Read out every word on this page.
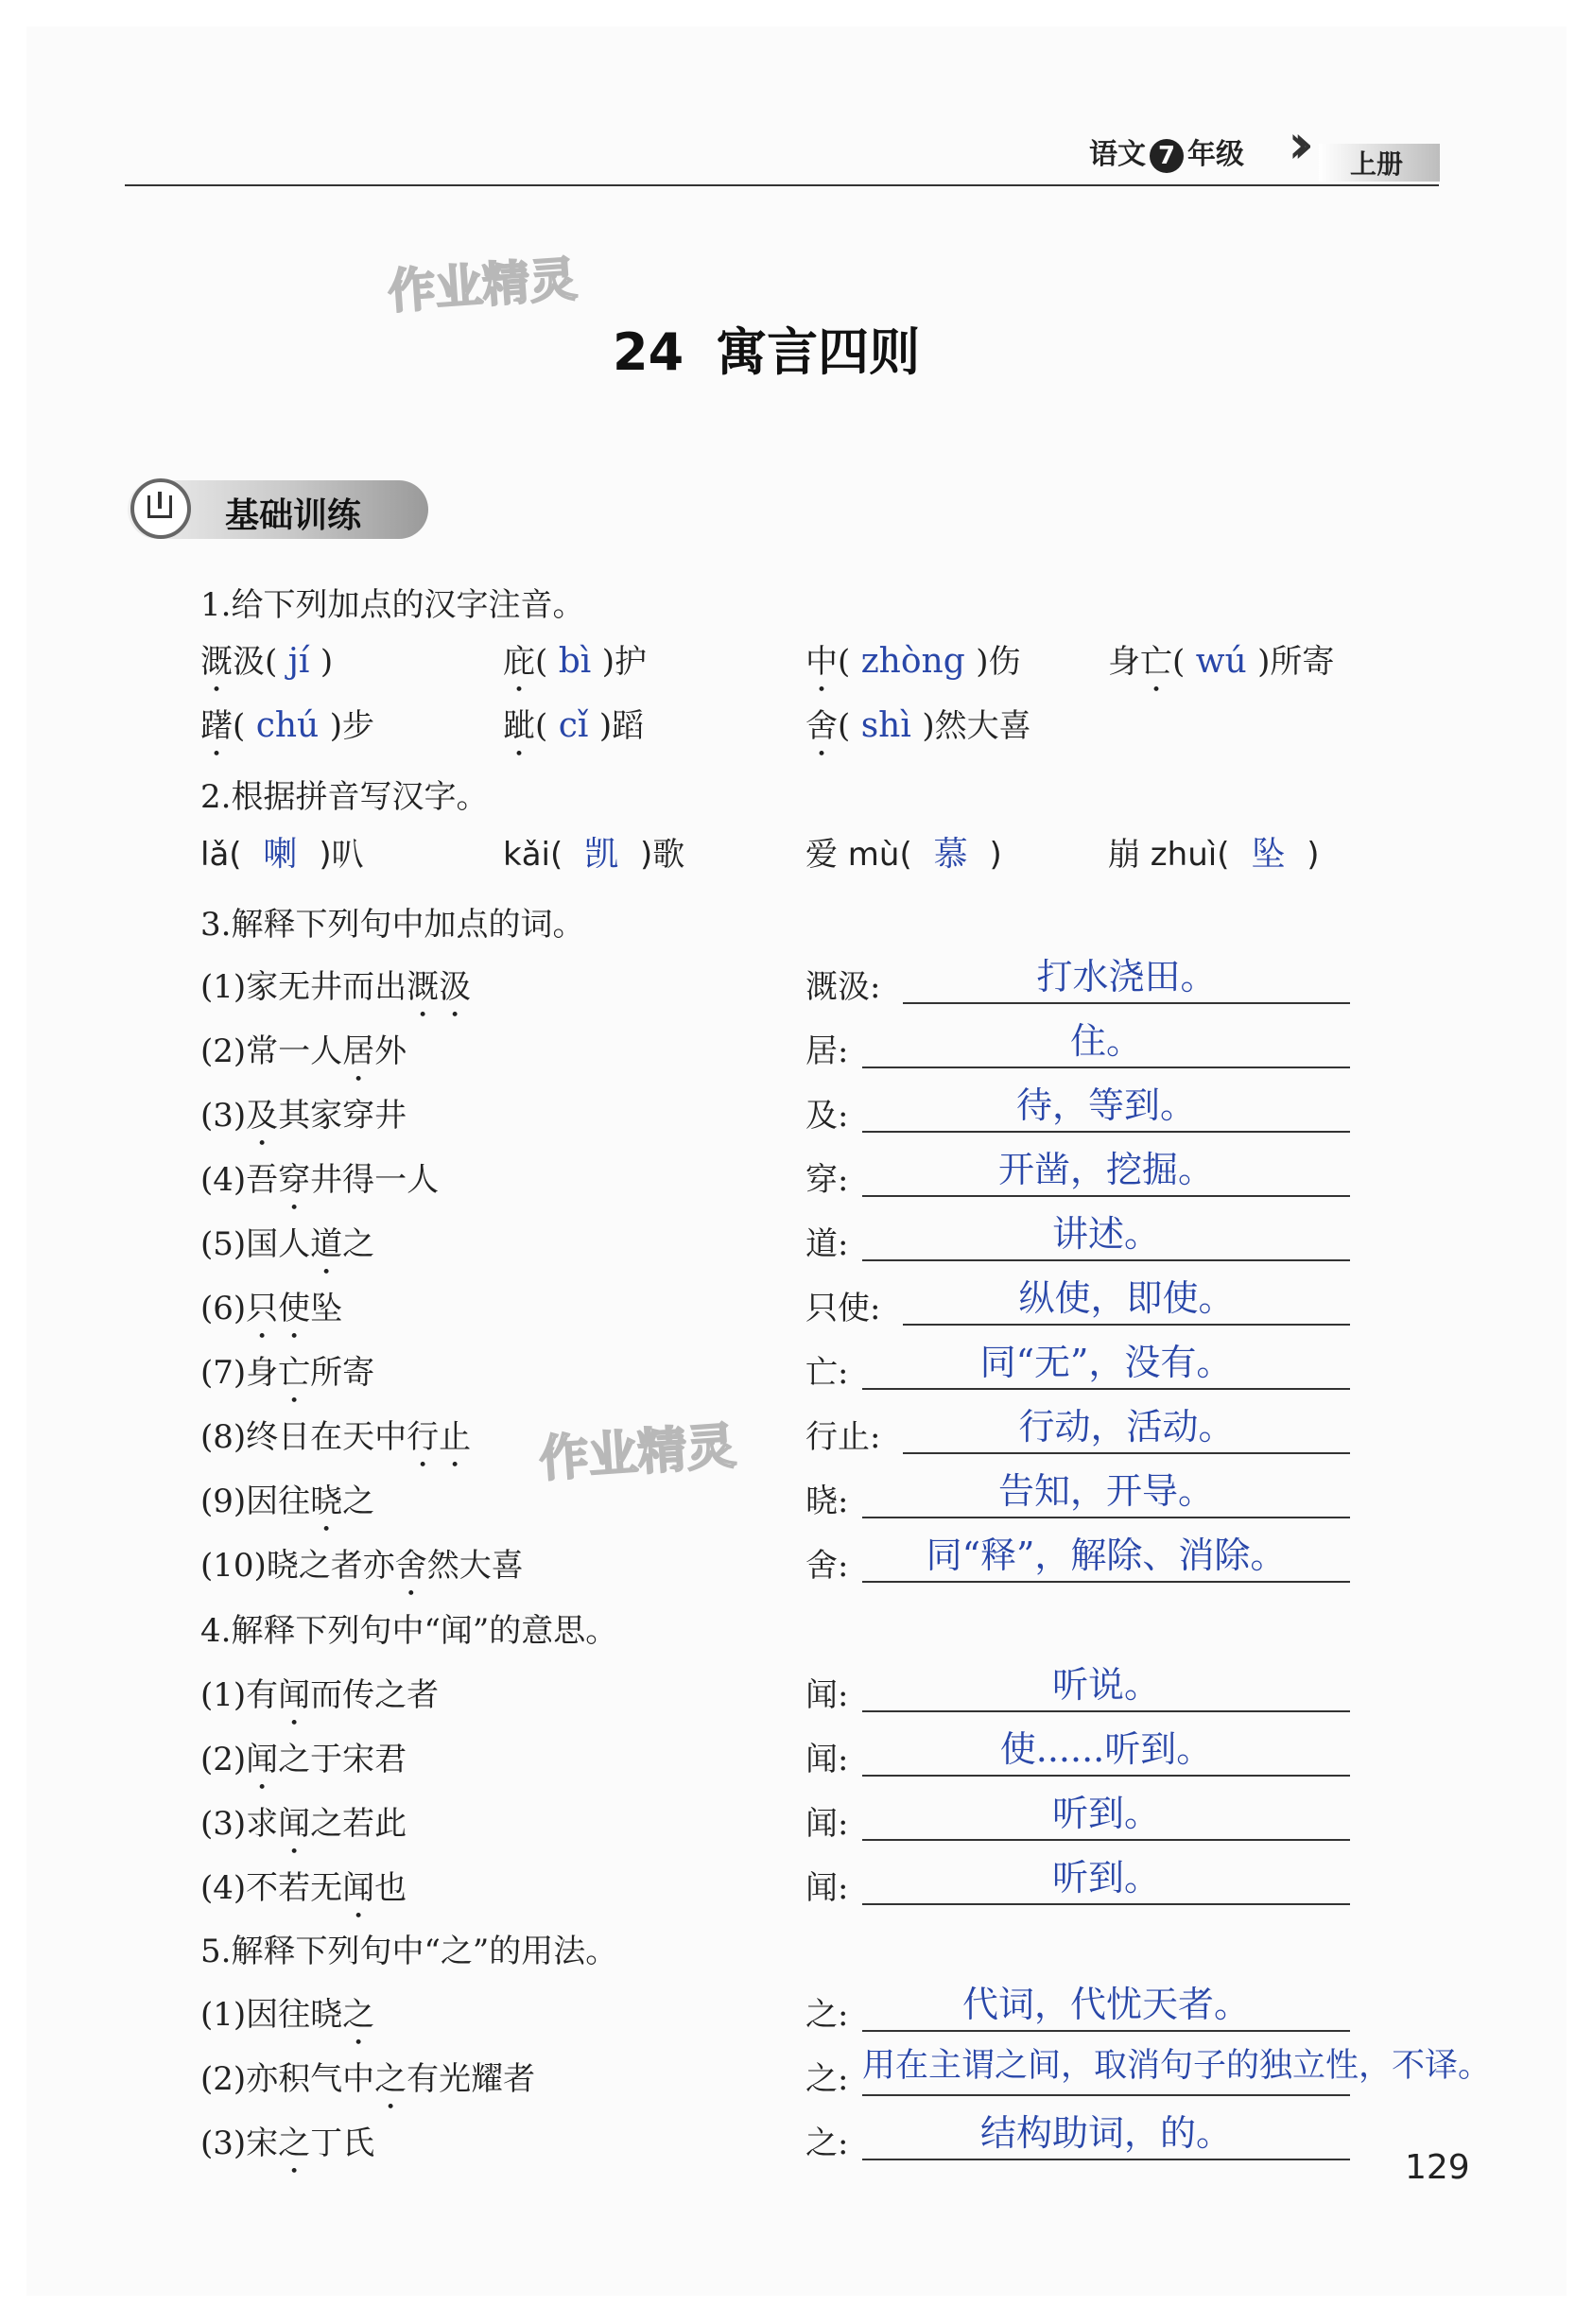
语文 7 年级 ›› 上册
作业精灵
作业精灵
24 寓言四则
基础训练
1.给下列加点的汉字注音。
溉汲( jí )	庇( bì )护	中( zhòng )伤	身亡( wú )所寄
躇( chú )步	跐( cǐ )蹈	舍( shì )然大喜
2.根据拼音写汉字。
lǎ(  喇  )叭	kǎi(  凯  )歌	爱 mù(  慕  )	崩 zhuì(  坠  )
3.解释下列句中加点的词。
(1)家无井而出溉汲	溉汲:	打水浇田。
(2)常一人居外	居:	住。
(3)及其家穿井	及:	待，等到。
(4)吾穿井得一人	穿:	开凿，挖掘。
(5)国人道之	道:	讲述。
(6)只使坠	只使:	纵使，即使。
(7)身亡所寄	亡:	同“无”，没有。
(8)终日在天中行止	行止:	行动，活动。
(9)因往晓之	晓:	告知，开导。
(10)晓之者亦舍然大喜	舍:	同“释”，解除、消除。
4.解释下列句中“闻”的意思。
(1)有闻而传之者	闻:	听说。
(2)闻之于宋君	闻:	使......听到。
(3)求闻之若此	闻:	听到。
(4)不若无闻也	闻:	听到。
5.解释下列句中“之”的用法。
(1)因往晓之	之:	代词，代忧天者。
(2)亦积气中之有光耀者	之: 用在主谓之间，取消句子的独立性，不译。
(3)宋之丁氏	之:	结构助词，的。
129
